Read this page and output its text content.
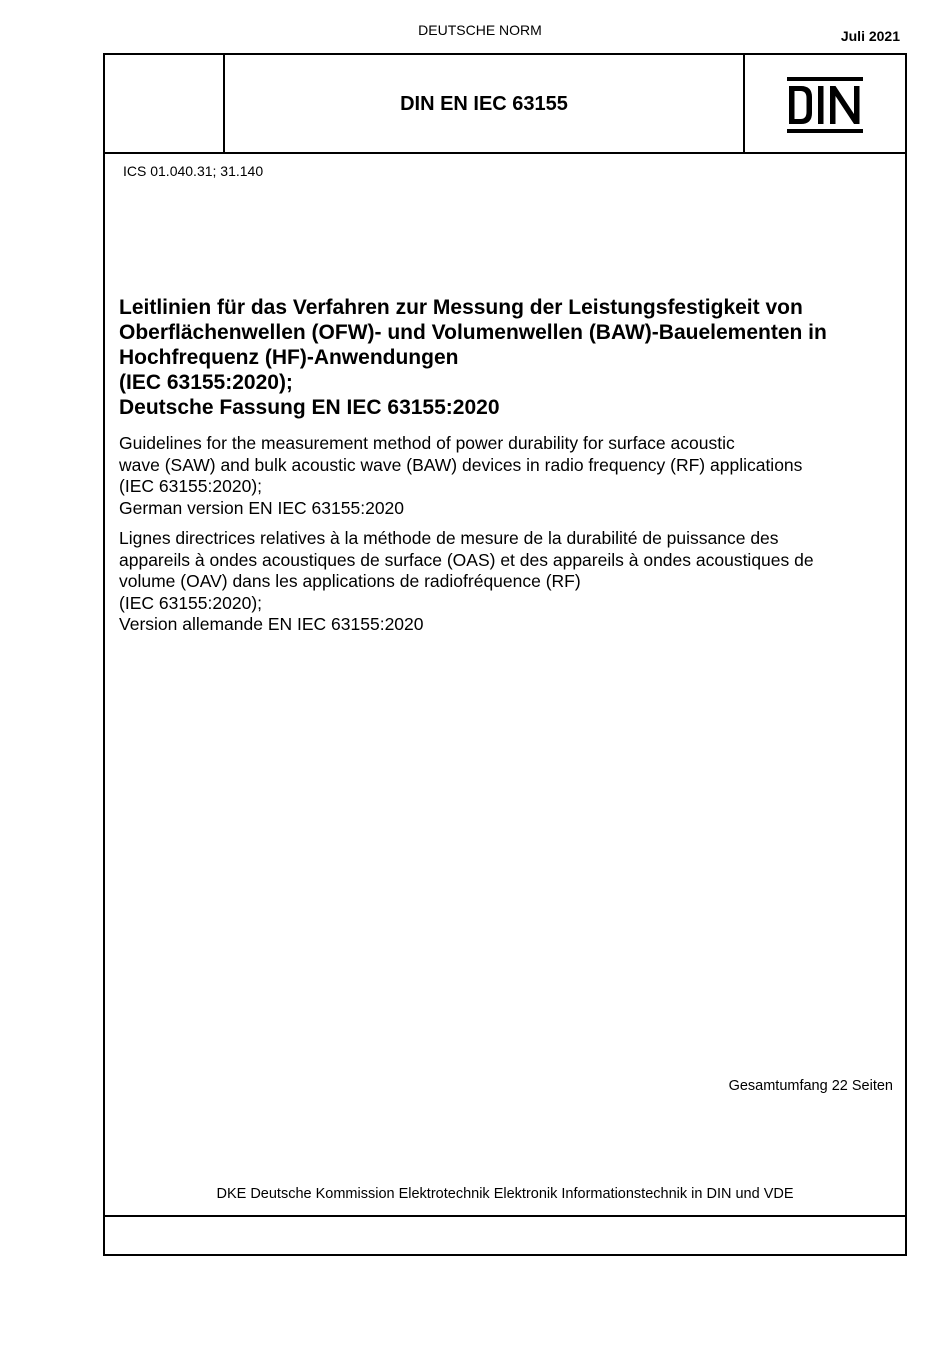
DEUTSCHE NORM	Juli 2021
DIN EN IEC 63155
ICS 01.040.31; 31.140
Leitlinien für das Verfahren zur Messung der Leistungsfestigkeit von
Oberflächenwellen (OFW)- und Volumenwellen (BAW)-Bauelementen in
Hochfrequenz (HF)-Anwendungen
(IEC 63155:2020);
Deutsche Fassung EN IEC 63155:2020
Guidelines for the measurement method of power durability for surface acoustic
wave (SAW) and bulk acoustic wave (BAW) devices in radio frequency (RF) applications
(IEC 63155:2020);
German version EN IEC 63155:2020
Lignes directrices relatives à la méthode de mesure de la durabilité de puissance des
appareils à ondes acoustiques de surface (OAS) et des appareils à ondes acoustiques de
volume (OAV) dans les applications de radiofréquence (RF)
(IEC 63155:2020);
Version allemande EN IEC 63155:2020
Gesamtumfang 22 Seiten
DKE Deutsche Kommission Elektrotechnik Elektronik Informationstechnik in DIN und VDE
